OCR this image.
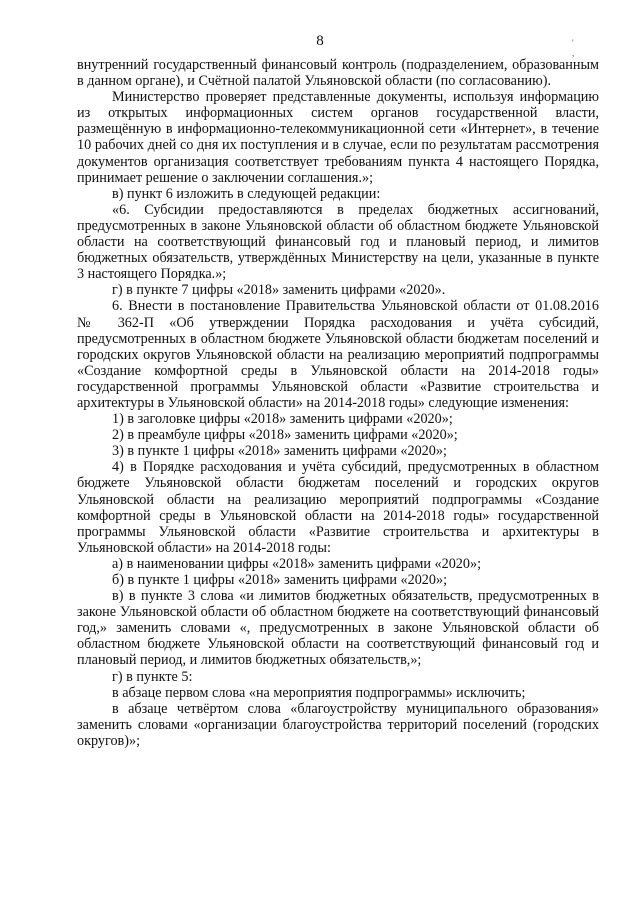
8	' ,

внутренний государственный финансовый контроль (подразделением, образованным в данном органе), и Счётной палатой Ульяновской области (по согласованию).

Министерство проверяет представленные документы, используя информацию из открытых информационных систем органов государственной власти, размещённую в информационно-телекоммуникационной сети «Интернет», в течение 10 рабочих дней со дня их поступления и в случае, если по результатам рассмотрения документов организация соответствует требованиям пункта 4 настоящего Порядка, принимает решение о заключении соглашения.»;

в) пункт 6 изложить в следующей редакции:

«6. Субсидии предоставляются в пределах бюджетных ассигнований, предусмотренных в законе Ульяновской области об областном бюджете Ульяновской области на соответствующий финансовый год и плановый период, и лимитов бюджетных обязательств, утверждённых Министерству на цели, указанные в пункте 3 настоящего Порядка.»;

г) в пункте 7 цифры «2018» заменить цифрами «2020».

6. Внести в постановление Правительства Ульяновской области от 01.08.2016 № 362-П «Об утверждении Порядка расходования и учёта субсидий, предусмотренных в областном бюджете Ульяновской области бюджетам поселений и городских округов Ульяновской области на реализацию мероприятий подпрограммы «Создание комфортной среды в Ульяновской области на 2014-2018 годы» государственной программы Ульяновской области «Развитие строительства и архитектуры в Ульяновской области» на 2014-2018 годы» следующие изменения:

1) в заголовке цифры «2018» заменить цифрами «2020»;

2) в преамбуле цифры «2018» заменить цифрами «2020»;

3) в пункте 1 цифры «2018» заменить цифрами «2020»;

4) в Порядке расходования и учёта субсидий, предусмотренных в областном бюджете Ульяновской области бюджетам поселений и городских округов Ульяновской области на реализацию мероприятий подпрограммы «Создание комфортной среды в Ульяновской области на 2014-2018 годы» государственной программы Ульяновской области «Развитие строительства и архитектуры в Ульяновской области» на 2014-2018 годы:

а) в наименовании цифры «2018» заменить цифрами «2020»;

б) в пункте 1 цифры «2018» заменить цифрами «2020»;

в) в пункте 3 слова «и лимитов бюджетных обязательств, предусмотренных в законе Ульяновской области об областном бюджете на соответствующий финансовый год,» заменить словами «, предусмотренных в законе Ульяновской области об областном бюджете Ульяновской области на соответствующий финансовый год и плановый период, и лимитов бюджетных обязательств,»;

г) в пункте 5:

в абзаце первом слова «на мероприятия подпрограммы» исключить;

в абзаце четвёртом слова «благоустройству муниципального образования» заменить словами «организации благоустройства территорий поселений (городских округов)»;
